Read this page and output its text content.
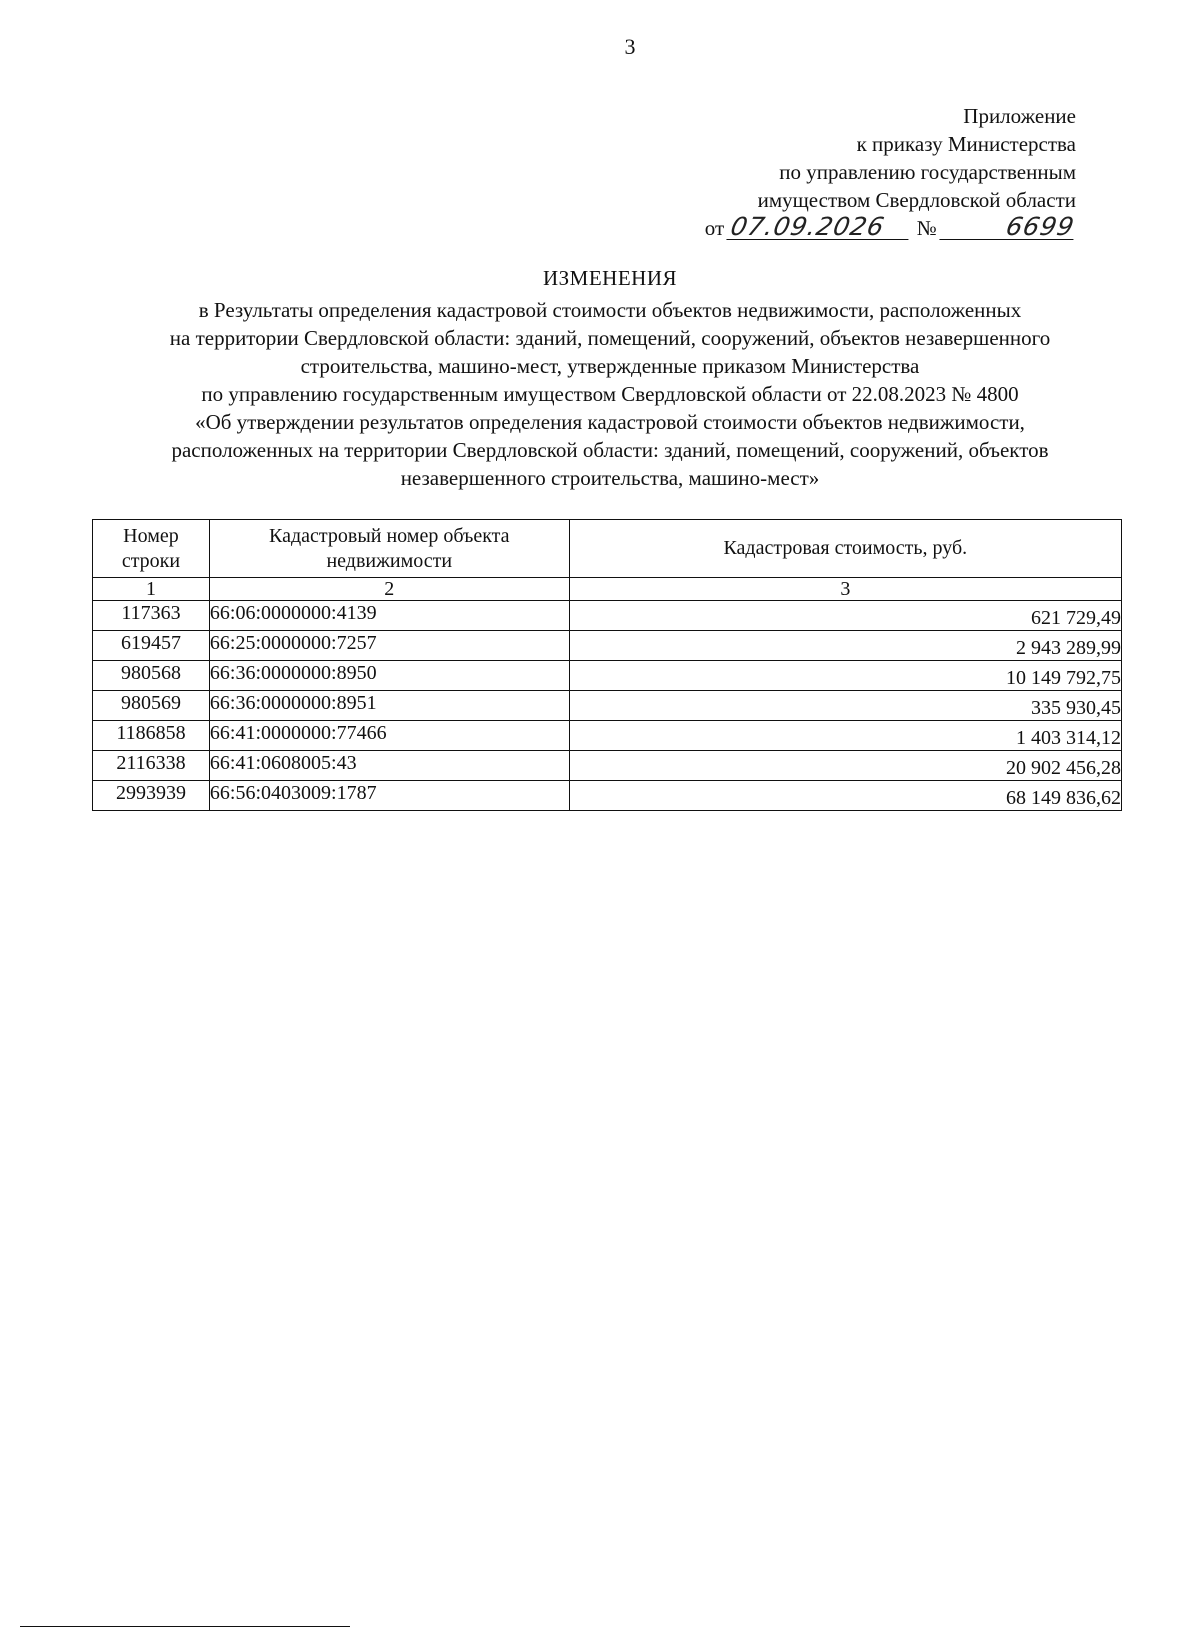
3
Приложение
к приказу Министерства
по управлению государственным
имуществом Свердловской области
от 07.09.2026 №	6699
ИЗМЕНЕНИЯ
в Результаты определения кадастровой стоимости объектов недвижимости, расположенных
на территории Свердловской области: зданий, помещений, сооружений, объектов незавершенного
строительства, машино-мест, утвержденные приказом Министерства
по управлению государственным имуществом Свердловской области от 22.08.2023 № 4800
«Об утверждении результатов определения кадастровой стоимости объектов недвижимости,
расположенных на территории Свердловской области: зданий, помещений, сооружений, объектов
незавершенного строительства, машино-мест»
Номер строки	Кадастровый номер объекта недвижимости	Кадастровая стоимость, руб.
1	2	3
117363	66:06:0000000:4139	621 729,49
619457	66:25:0000000:7257	2 943 289,99
980568	66:36:0000000:8950	10 149 792,75
980569	66:36:0000000:8951	335 930,45
1186858	66:41:0000000:77466	1 403 314,12
2116338	66:41:0608005:43	20 902 456,28
2993939	66:56:0403009:1787	68 149 836,62
